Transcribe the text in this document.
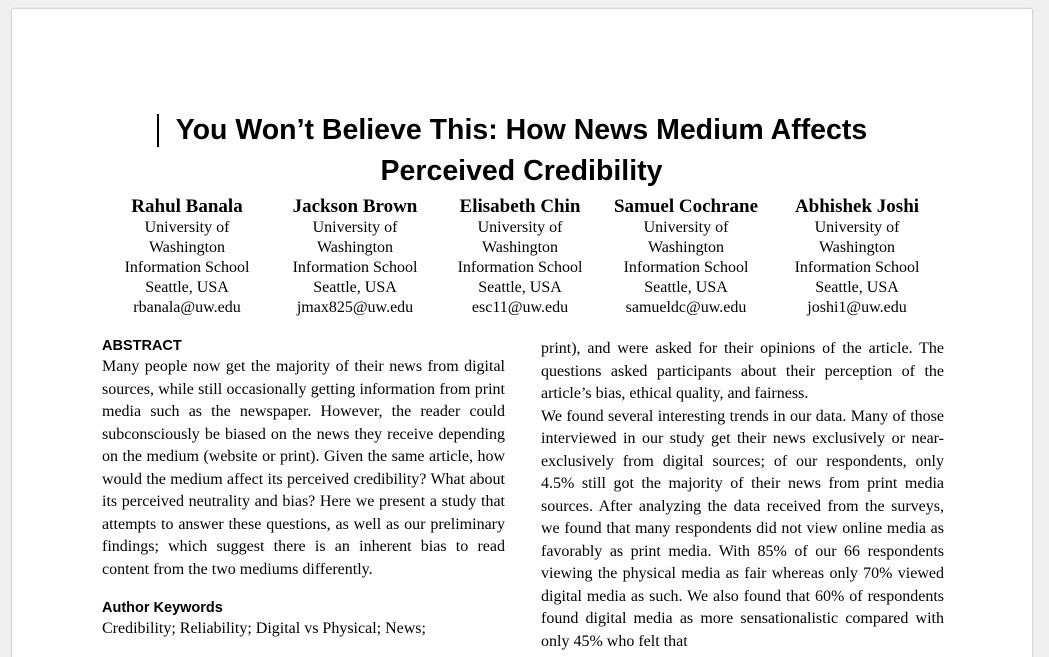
You Won’t Believe This: How News Medium Affects
Perceived Credibility
Rahul Banala
University of
Washington
Information School
Seattle, USA
rbanala@uw.edu
Jackson Brown
University of
Washington
Information School
Seattle, USA
jmax825@uw.edu
Elisabeth Chin
University of
Washington
Information School
Seattle, USA
esc11@uw.edu
Samuel Cochrane
University of
Washington
Information School
Seattle, USA
samueldc@uw.edu
Abhishek Joshi
University of
Washington
Information School
Seattle, USA
joshi1@uw.edu

ABSTRACT

Many people now get the majority of their news from digital sources, while still occasionally getting information from print media such as the newspaper. However, the reader could subconsciously be biased on the news they receive depending on the medium (website or print). Given the same article, how would the medium affect its perceived credibility? What about its perceived neutrality and bias? Here we present a study that attempts to answer these questions, as well as our preliminary findings; which suggest there is an inherent bias to read content from the two mediums differently.

Author Keywords

Credibility; Reliability; Digital vs Physical; News;

print), and were asked for their opinions of the article. The questions asked participants about their perception of the article’s bias, ethical quality, and fairness.

We found several interesting trends in our data. Many of those interviewed in our study get their news exclusively or near-exclusively from digital sources; of our respondents, only 4.5% still got the majority of their news from print media sources. After analyzing the data received from the surveys, we found that many respondents did not view online media as favorably as print media. With 85% of our 66 respondents viewing the physical media as fair whereas only 70% viewed digital media as such. We also found that 60% of respondents found digital media as more sensationalistic compared with only 45% who felt that
